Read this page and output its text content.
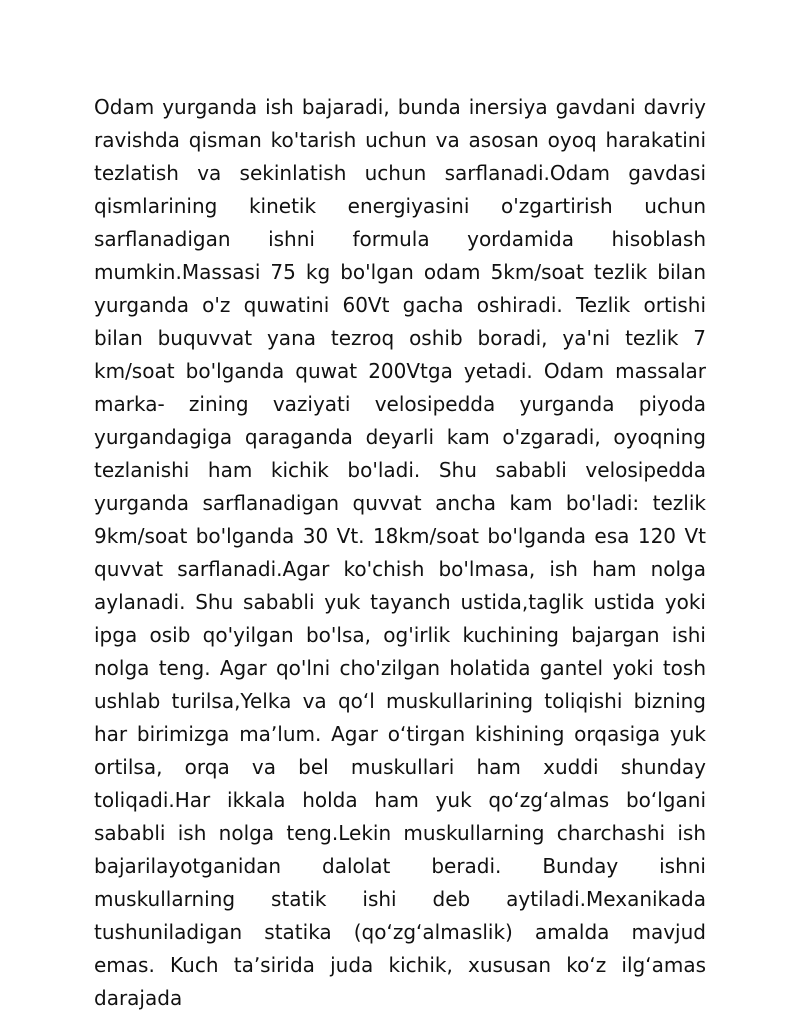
Odam yurganda ish bajaradi, bunda inersiya gavdani davriy ravishda qisman ko'tarish uchun va asosan oyoq harakatini tezlatish va sekinlatish uchun sarflanadi.Odam gavdasi qismlarining kinetik energiyasini o'zgartirish uchun sarflanadigan ishni formula yordamida hisoblash mumkin.Massasi 75 kg bo'lgan odam 5km/soat tezlik bilan yurganda o'z quwatini 60Vt gacha oshiradi. Tezlik ortishi bilan buquvvat yana tezroq oshib boradi, ya'ni tezlik 7 km/soat bo'lganda quwat 200Vtga yetadi. Odam massalar marka- zining vaziyati velosipedda yurganda piyoda yurgandagiga qaraganda deyarli kam o'zgaradi, oyoqning tezlanishi ham kichik bo'ladi. Shu sababli velosipedda yurganda sarflanadigan quvvat ancha kam bo'ladi: tezlik 9km/soat bo'lganda 30 Vt. 18km/soat bo'lganda esa 120 Vt quvvat sarflanadi.Agar ko'chish bo'lmasa, ish ham nolga aylanadi. Shu sababli yuk tayanch ustida,taglik ustida yoki ipga osib qo'yilgan bo'lsa, og'irlik kuchining bajargan ishi nolga teng. Agar qo'lni cho'zilgan holatida gantel yoki tosh ushlab turilsa,Yelka va qoʻl muskullarining toliqishi bizning har birimizga maʼlum. Agar oʻtirgan kishining orqasiga yuk ortilsa, orqa va bel muskullari ham xuddi shunday toliqadi.Har ikkala holda ham yuk qoʻzgʻalmas boʻlgani sababli ish nolga teng.Lekin muskullarning charchashi ish bajarilayotganidan dalolat beradi. Bunday ishni muskullarning statik ishi deb aytiladi.Mexanikada tushuniladigan statika (qoʻzgʻalmaslik) amalda mavjud emas. Kuch taʼsirida juda kichik, xususan koʻz ilgʻamas darajada
